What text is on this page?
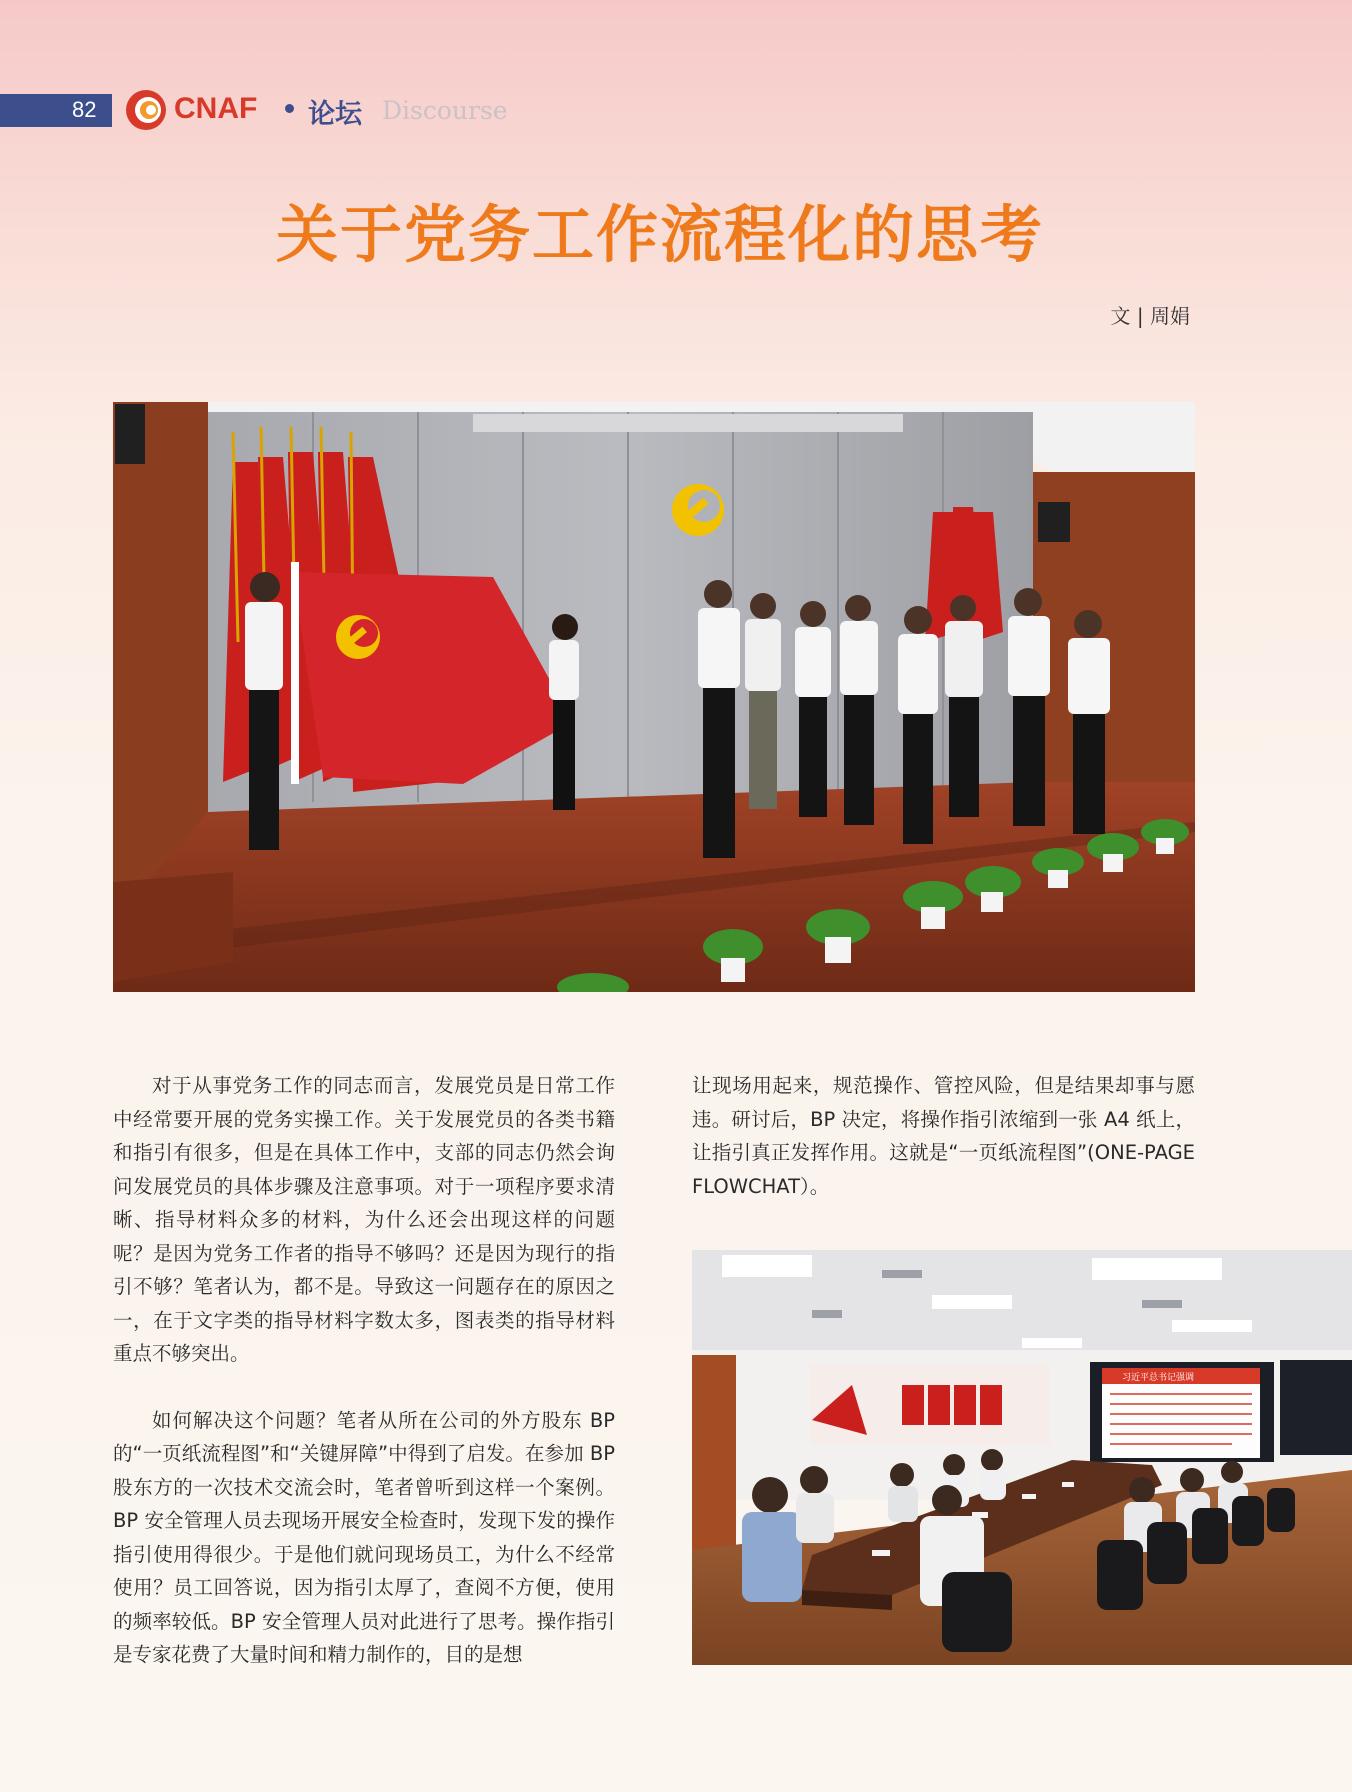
82	CNAF 论坛 Discourse
关于党务工作流程化的思考
文 | 周娟

对于从事党务工作的同志而言，发展党员是日常工作中经常要开展的党务实操工作。关于发展党员的各类书籍和指引有很多，但是在具体工作中，支部的同志仍然会询问发展党员的具体步骤及注意事项。对于一项程序要求清晰、指导材料众多的材料，为什么还会出现这样的问题呢？是因为党务工作者的指导不够吗？还是因为现行的指引不够？笔者认为，都不是。导致这一问题存在的原因之一，在于文字类的指导材料字数太多，图表类的指导材料重点不够突出。

如何解决这个问题？笔者从所在公司的外方股东 BP 的“一页纸流程图”和“关键屏障”中得到了启发。在参加 BP 股东方的一次技术交流会时，笔者曾听到这样一个案例。BP 安全管理人员去现场开展安全检查时，发现下发的操作指引使用得很少。于是他们就问现场员工，为什么不经常使用？员工回答说，因为指引太厚了，查阅不方便，使用的频率较低。BP 安全管理人员对此进行了思考。操作指引是专家花费了大量时间和精力制作的，目的是想

让现场用起来，规范操作、管控风险，但是结果却事与愿违。研讨后，BP 决定，将操作指引浓缩到一张 A4 纸上，让指引真正发挥作用。这就是“一页纸流程图”(ONE-PAGE FLOWCHAT）。

习近平总书记强调
